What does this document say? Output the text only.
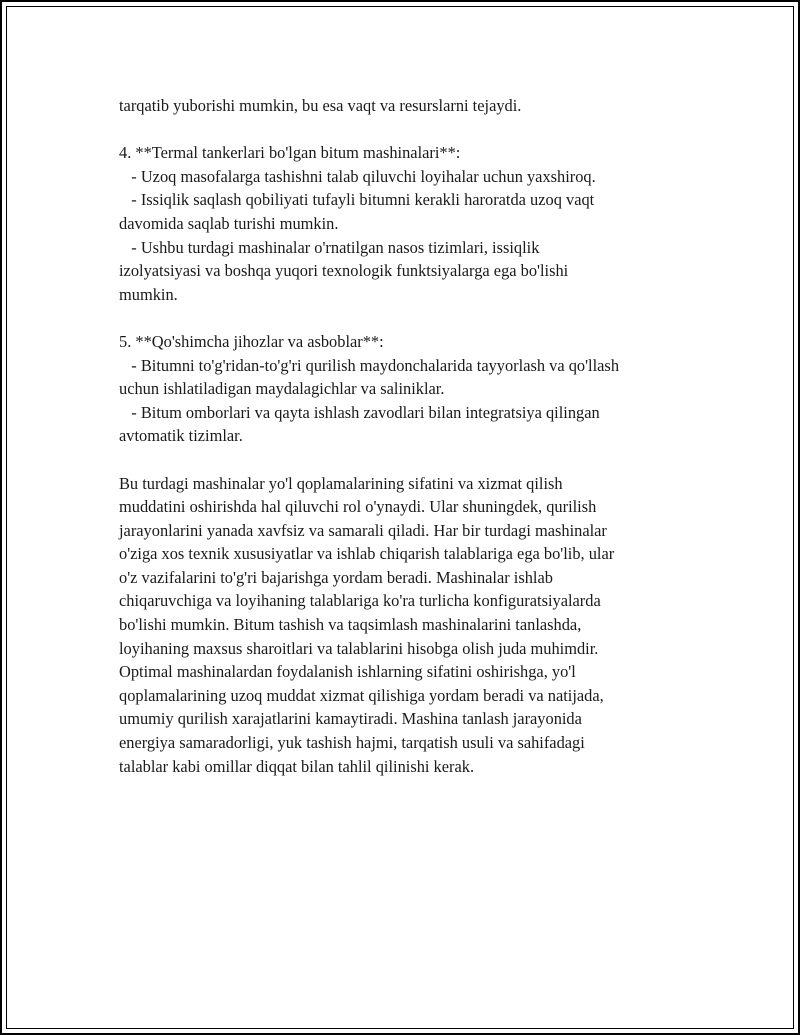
tarqatib yuborishi mumkin, bu esa vaqt va resurslarni tejaydi.
4. **Termal tankerlari bo'lgan bitum mashinalari**:
- Uzoq masofalarga tashishni talab qiluvchi loyihalar uchun yaxshiroq.
- Issiqlik saqlash qobiliyati tufayli bitumni kerakli haroratda uzoq vaqt
davomida saqlab turishi mumkin.
- Ushbu turdagi mashinalar o'rnatilgan nasos tizimlari, issiqlik
izolyatsiyasi va boshqa yuqori texnologik funktsiyalarga ega bo'lishi
mumkin.
5. **Qo'shimcha jihozlar va asboblar**:
- Bitumni to'g'ridan-to'g'ri qurilish maydonchalarida tayyorlash va qo'llash
uchun ishlatiladigan maydalagichlar va saliniklar.
- Bitum omborlari va qayta ishlash zavodlari bilan integratsiya qilingan
avtomatik tizimlar.
Bu turdagi mashinalar yo'l qoplamalarining sifatini va xizmat qilish
muddatini oshirishda hal qiluvchi rol o'ynaydi. Ular shuningdek, qurilish
jarayonlarini yanada xavfsiz va samarali qiladi. Har bir turdagi mashinalar
o'ziga xos texnik xususiyatlar va ishlab chiqarish talablariga ega bo'lib, ular
o'z vazifalarini to'g'ri bajarishga yordam beradi. Mashinalar ishlab
chiqaruvchiga va loyihaning talablariga ko'ra turlicha konfiguratsiyalarda
bo'lishi mumkin. Bitum tashish va taqsimlash mashinalarini tanlashda,
loyihaning maxsus sharoitlari va talablarini hisobga olish juda muhimdir.
Optimal mashinalardan foydalanish ishlarning sifatini oshirishga, yo'l
qoplamalarining uzoq muddat xizmat qilishiga yordam beradi va natijada,
umumiy qurilish xarajatlarini kamaytiradi. Mashina tanlash jarayonida
energiya samaradorligi, yuk tashish hajmi, tarqatish usuli va sahifadagi
talablar kabi omillar diqqat bilan tahlil qilinishi kerak.
